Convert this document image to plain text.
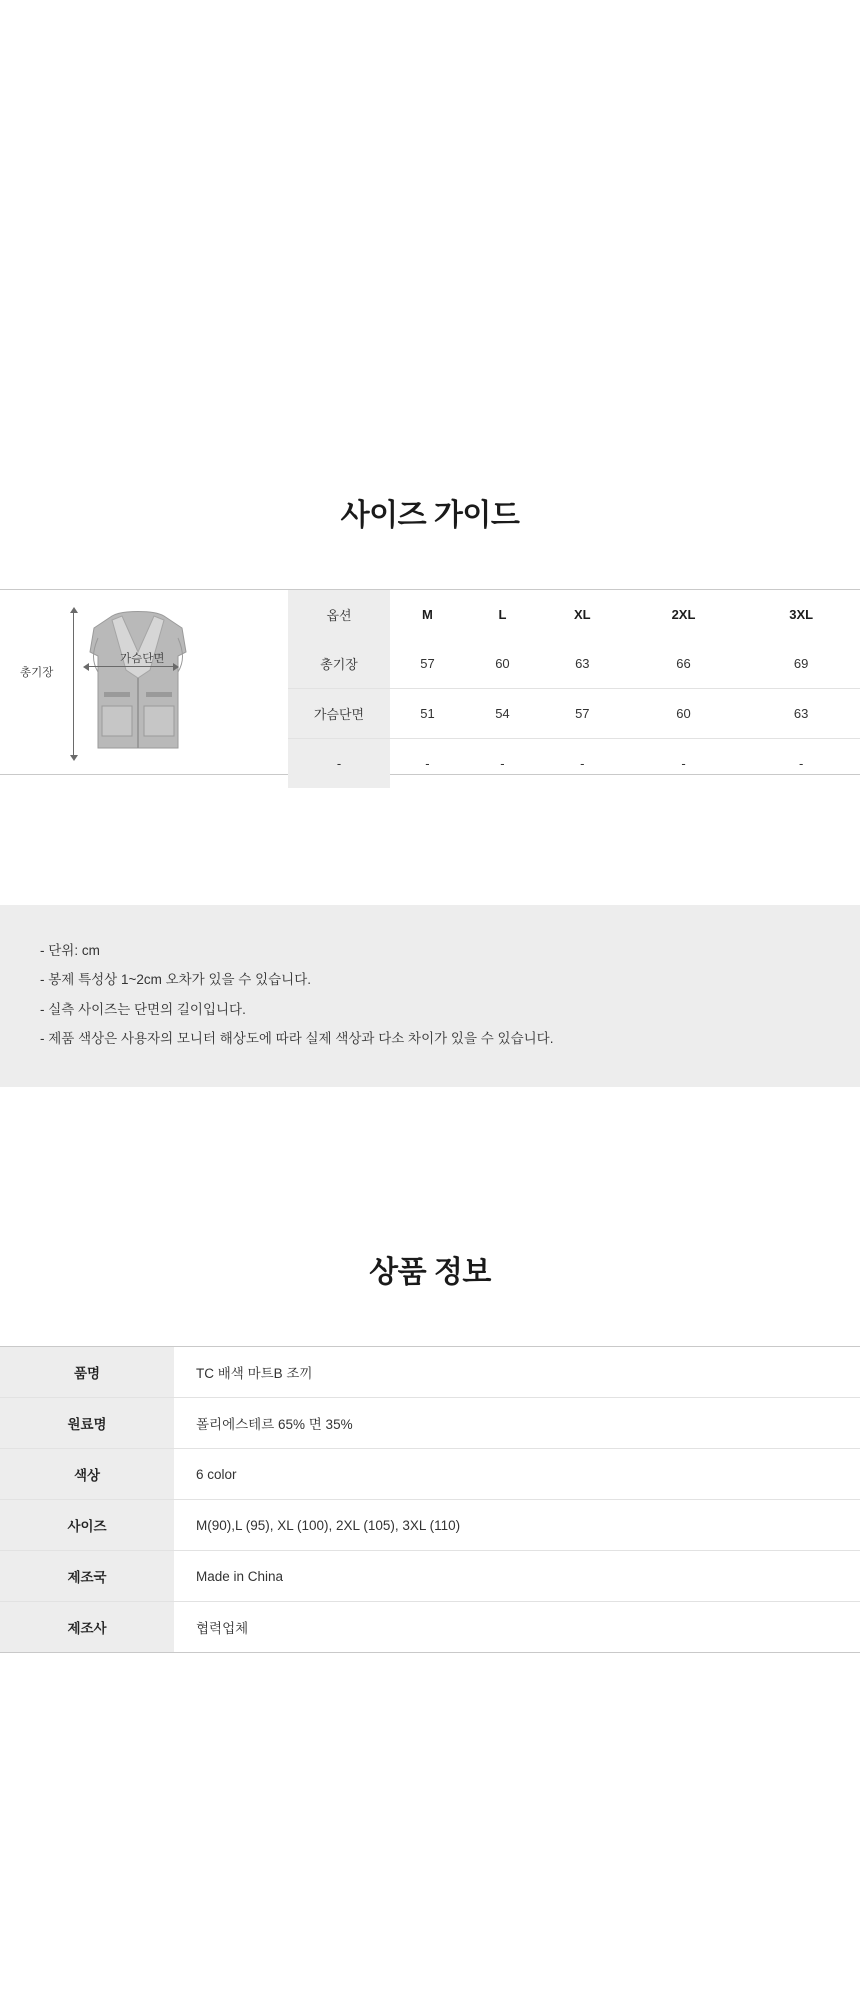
사이즈 가이드
총기장
가슴단면
옵션	M	L	XL	2XL	3XL
총기장	57	60	63	66	69
가슴단면	51	54	57	60	63
-	-	-	-	-	-

- 단위: cm

- 봉제 특성상 1~2cm 오차가 있을 수 있습니다.

- 실측 사이즈는 단면의 길이입니다.

- 제품 색상은 사용자의 모니터 해상도에 따라 실제 색상과 다소 차이가 있을 수 있습니다.

상품 정보
품명	TC 배색 마트B 조끼
원료명	폴리에스테르 65% 면 35%
색상	6 color
사이즈	M(90),L (95), XL (100), 2XL (105), 3XL (110)
제조국	Made in China
제조사	협력업체
